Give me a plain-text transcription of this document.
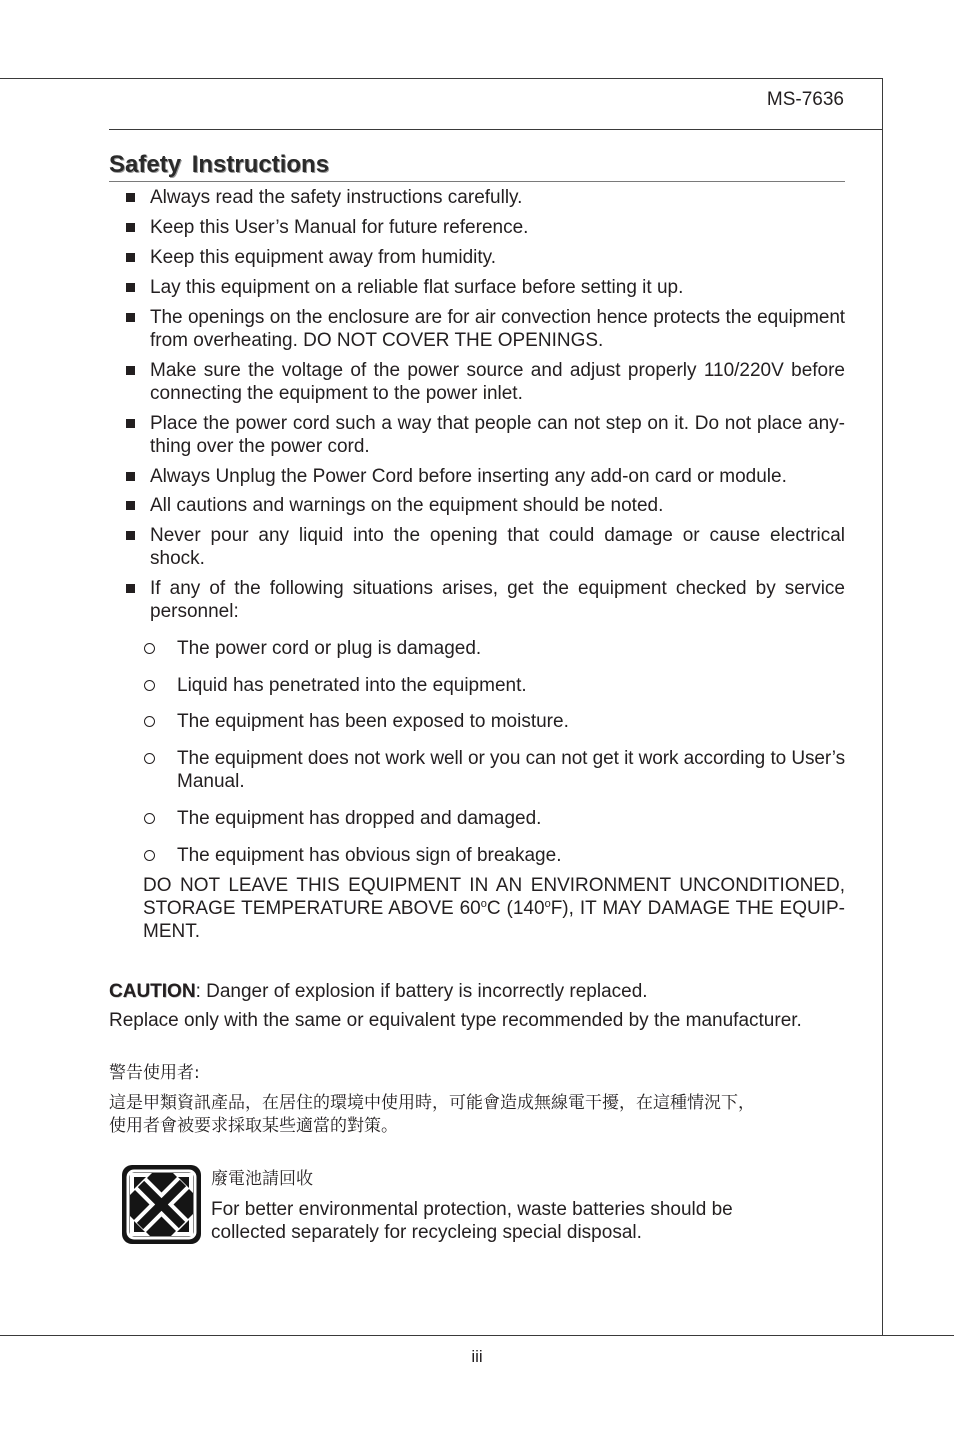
MS-7636
Safety Instructions
Always read the safety instructions carefully.
Keep this User’s Manual for future reference.
Keep this equipment away from humidity.
Lay this equipment on a reliable flat surface before setting it up.
The openings on the enclosure are for air convection hence protects the equipment
from overheating. DO NOT COVER THE OPENINGS.
Make sure the voltage of the power source and adjust properly 110/220V before
connecting the equipment to the power inlet.
Place the power cord such a way that people can not step on it. Do not place any-
thing over the power cord.
Always Unplug the Power Cord before inserting any add-on card or module.
All cautions and warnings on the equipment should be noted.
Never pour any liquid into the opening that could damage or cause electrical
shock.
If any of the following situations arises, get the equipment checked by service
personnel:
The power cord or plug is damaged.
Liquid has penetrated into the equipment.
The equipment has been exposed to moisture.
The equipment does not work well or you can not get it work according to User’s
Manual.
The equipment has dropped and damaged.
The equipment has obvious sign of breakage.
DO NOT LEAVE THIS EQUIPMENT IN AN ENVIRONMENT UNCONDITIONED,
STORAGE TEMPERATURE ABOVE 60$^o$C (140$^o$F), IT MAY DAMAGE THE EQUIP-
MENT.
CAUTION: Danger of explosion if battery is incorrectly replaced.
Replace only with the same or equivalent type recommended by the manufacturer.
警告使用者:
這是甲類資訊產品，在居住的環境中使用時，可能會造成無線電干擾，在這種情況下，
使用者會被要求採取某些適當的對策。
廢電池請回收
For better environmental protection, waste batteries should be
collected separately for recycleing special disposal.
iii
